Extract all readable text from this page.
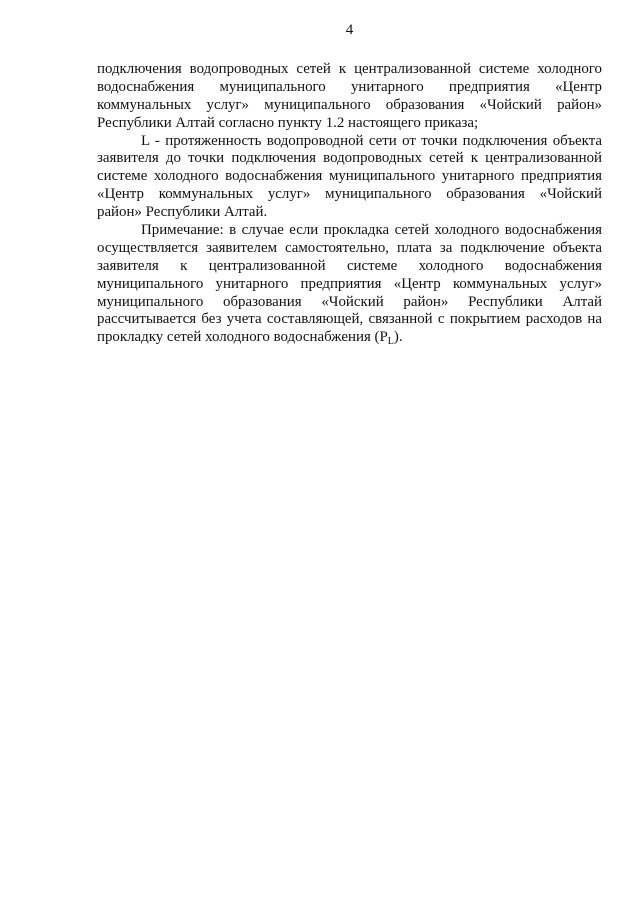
4
подключения водопроводных сетей к централизованной системе холодного
водоснабжения муниципального унитарного предприятия «Центр
коммунальных услуг» муниципального образования «Чойский район»
Республики Алтай согласно пункту 1.2 настоящего приказа;
L - протяженность водопроводной сети от точки подключения объекта
заявителя до точки подключения водопроводных сетей к централизованной
системе холодного водоснабжения муниципального унитарного предприятия
«Центр коммунальных услуг» муниципального образования «Чойский
район» Республики Алтай.
Примечание: в случае если прокладка сетей холодного водоснабжения
осуществляется заявителем самостоятельно, плата за подключение объекта
заявителя к централизованной системе холодного водоснабжения
муниципального унитарного предприятия «Центр коммунальных услуг»
муниципального образования «Чойский район» Республики Алтай
рассчитывается без учета составляющей, связанной с покрытием расходов на
прокладку сетей холодного водоснабжения $(P_L)$.
